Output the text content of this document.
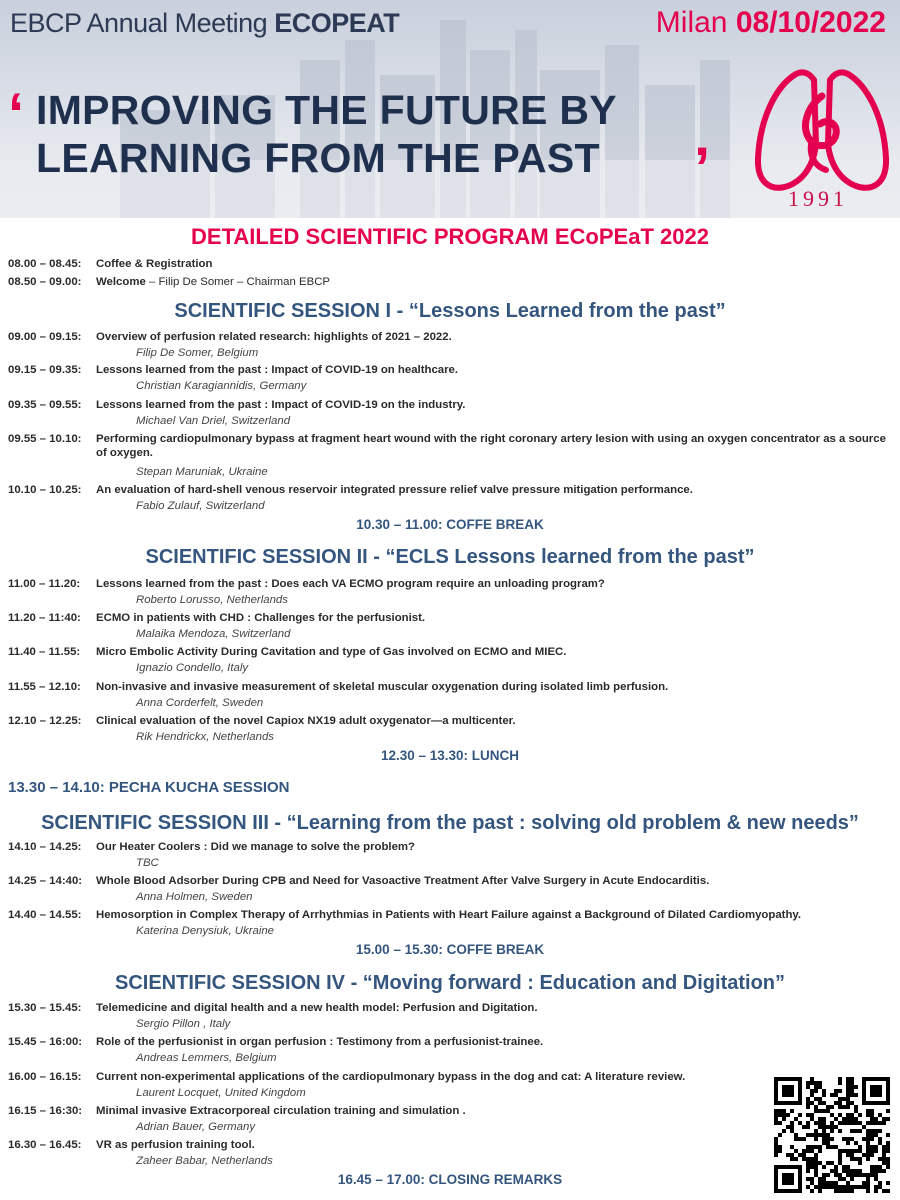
EBCP Annual Meeting ECOPEAT	Milan 08/10/2022
‘ IMPROVING THE FUTURE BY
LEARNING FROM THE PAST ’	1991
DETAILED SCIENTIFIC PROGRAM ECoPEaT 2022
08.00 – 08.45: Coffee & Registration
08.50 – 09.00: Welcome – Filip De Somer – Chairman EBCP
SCIENTIFIC SESSION I - “Lessons Learned from the past”
09.00 – 09.15: Overview of perfusion related research: highlights of 2021 – 2022.
Filip De Somer, Belgium
09.15 – 09.35: Lessons learned from the past : Impact of COVID-19 on healthcare.
Christian Karagiannidis, Germany
09.35 – 09.55: Lessons learned from the past : Impact of COVID-19 on the industry.
Michael Van Driel, Switzerland
09.55 – 10.10: Performing cardiopulmonary bypass at fragment heart wound with the right coronary artery lesion with using an oxygen concentrator as a source of oxygen.
Stepan Maruniak, Ukraine
10.10 – 10.25: An evaluation of hard-shell venous reservoir integrated pressure relief valve pressure mitigation performance.
Fabio Zulauf, Switzerland
10.30 – 11.00: COFFE BREAK
SCIENTIFIC SESSION II - “ECLS Lessons learned from the past”
11.00 – 11.20: Lessons learned from the past : Does each VA ECMO program require an unloading program?
Roberto Lorusso, Netherlands
11.20 – 11:40: ECMO in patients with CHD : Challenges for the perfusionist.
Malaika Mendoza, Switzerland
11.40 – 11.55: Micro Embolic Activity During Cavitation and type of Gas involved on ECMO and MIEC.
Ignazio Condello, Italy
11.55 – 12.10: Non-invasive and invasive measurement of skeletal muscular oxygenation during isolated limb perfusion.
Anna Corderfelt, Sweden
12.10 – 12.25: Clinical evaluation of the novel Capiox NX19 adult oxygenator—a multicenter.
Rik Hendrickx, Netherlands
12.30 – 13.30: LUNCH
13.30 – 14.10: PECHA KUCHA SESSION
SCIENTIFIC SESSION III - “Learning from the past : solving old problem & new needs”
14.10 – 14.25: Our Heater Coolers : Did we manage to solve the problem?
TBC
14.25 – 14:40: Whole Blood Adsorber During CPB and Need for Vasoactive Treatment After Valve Surgery in Acute Endocarditis.
Anna Holmen, Sweden
14.40 – 14.55: Hemosorption in Complex Therapy of Arrhythmias in Patients with Heart Failure against a Background of Dilated Cardiomyopathy.
Katerina Denysiuk, Ukraine
15.00 – 15.30: COFFE BREAK
SCIENTIFIC SESSION IV - “Moving forward : Education and Digitation”
15.30 – 15.45: Telemedicine and digital health and a new health model: Perfusion and Digitation.
Sergio Pillon , Italy
15.45 – 16:00: Role of the perfusionist in organ perfusion : Testimony from a perfusionist-trainee.
Andreas Lemmers, Belgium
16.00 – 16.15: Current non-experimental applications of the cardiopulmonary bypass in the dog and cat: A literature review.
Laurent Locquet, United Kingdom
16.15 – 16:30: Minimal invasive Extracorporeal circulation training and simulation .
Adrian Bauer, Germany
16.30 – 16.45: VR as perfusion training tool.
Zaheer Babar, Netherlands
16.45 – 17.00: CLOSING REMARKS
